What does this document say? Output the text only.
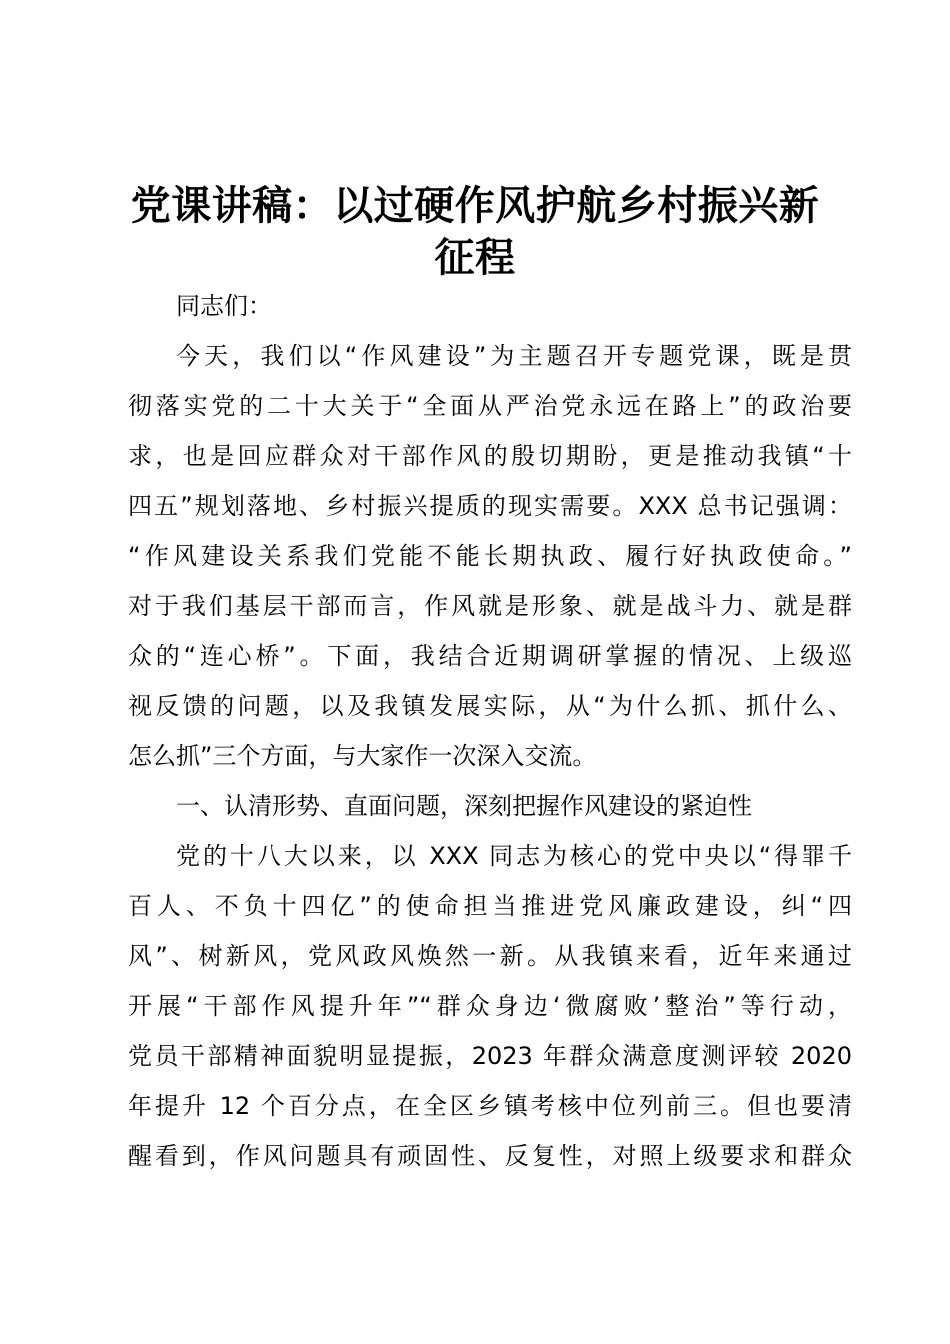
党课讲稿：以过硬作风护航乡村振兴新
征程
同志们：
今天，我们以“作风建设”为主题召开专题党课，既是贯
彻落实党的二十大关于“全面从严治党永远在路上”的政治要
求，也是回应群众对干部作风的殷切期盼，更是推动我镇“十
四五”规划落地、乡村振兴提质的现实需要。XXX 总书记强调：
“作风建设关系我们党能不能长期执政、履行好执政使命。”
对于我们基层干部而言，作风就是形象、就是战斗力、就是群
众的“连心桥”。下面，我结合近期调研掌握的情况、上级巡
视反馈的问题，以及我镇发展实际，从“为什么抓、抓什么、
怎么抓”三个方面，与大家作一次深入交流。
一、认清形势、直面问题，深刻把握作风建设的紧迫性
党的十八大以来，以 XXX 同志为核心的党中央以“得罪千
百人、不负十四亿”的使命担当推进党风廉政建设，纠“四
风”、树新风，党风政风焕然一新。从我镇来看，近年来通过
开展“干部作风提升年”“群众身边‘微腐败’整治”等行动，
党员干部精神面貌明显提振，2023 年群众满意度测评较 2020
年提升 12 个百分点，在全区乡镇考核中位列前三。但也要清
醒看到，作风问题具有顽固性、反复性，对照上级要求和群众
